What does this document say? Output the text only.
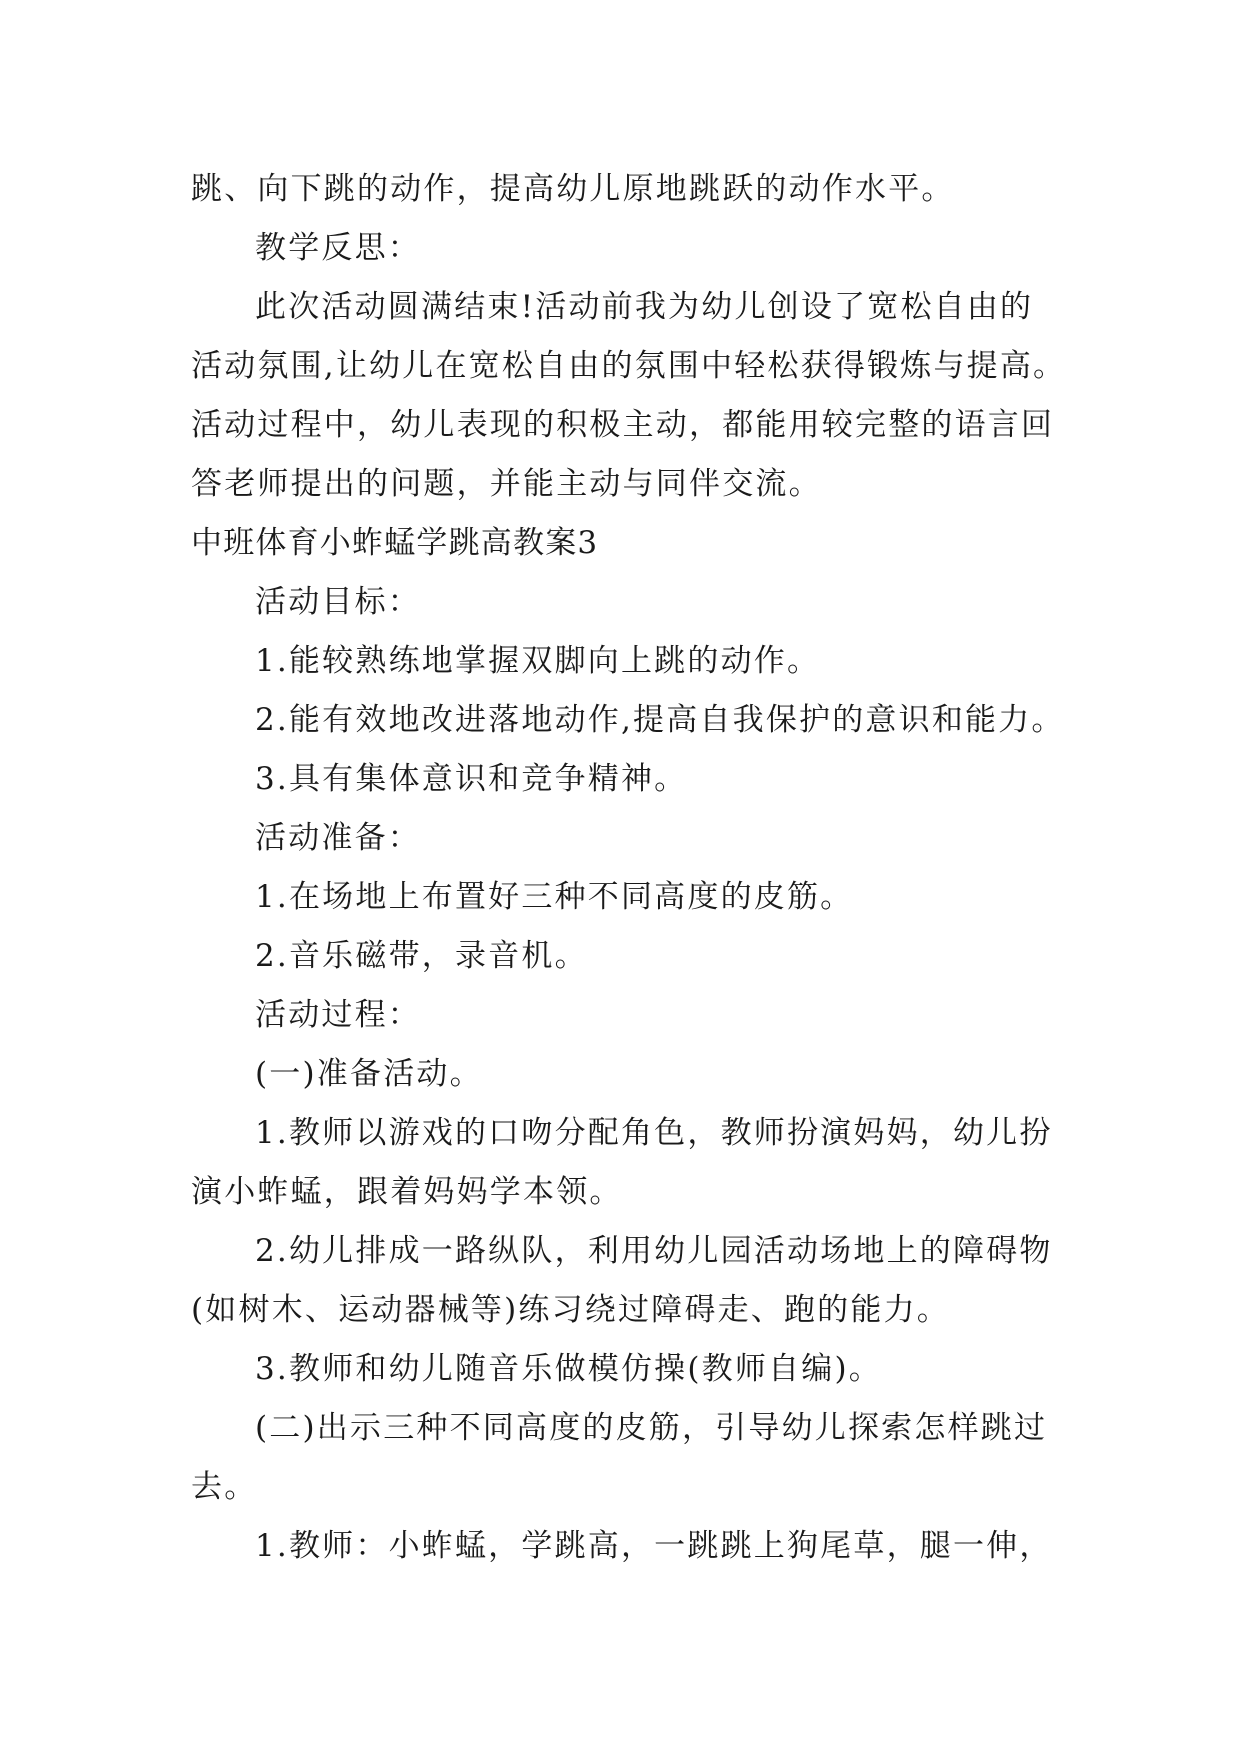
跳、向下跳的动作，提高幼儿原地跳跃的动作水平。
教学反思：
此次活动圆满结束!活动前我为幼儿创设了宽松自由的
活动氛围,让幼儿在宽松自由的氛围中轻松获得锻炼与提高。
活动过程中，幼儿表现的积极主动，都能用较完整的语言回
答老师提出的问题，并能主动与同伴交流。
中班体育小蚱蜢学跳高教案3
活动目标：
1.能较熟练地掌握双脚向上跳的动作。
2.能有效地改进落地动作,提高自我保护的意识和能力。
3.具有集体意识和竞争精神。
活动准备：
1.在场地上布置好三种不同高度的皮筋。
2.音乐磁带，录音机。
活动过程：
(一)准备活动。
1.教师以游戏的口吻分配角色，教师扮演妈妈，幼儿扮
演小蚱蜢，跟着妈妈学本领。
2.幼儿排成一路纵队，利用幼儿园活动场地上的障碍物
(如树木、运动器械等)练习绕过障碍走、跑的能力。
3.教师和幼儿随音乐做模仿操(教师自编)。
(二)出示三种不同高度的皮筋，引导幼儿探索怎样跳过
去。
1.教师：小蚱蜢，学跳高，一跳跳上狗尾草，腿一伸，
